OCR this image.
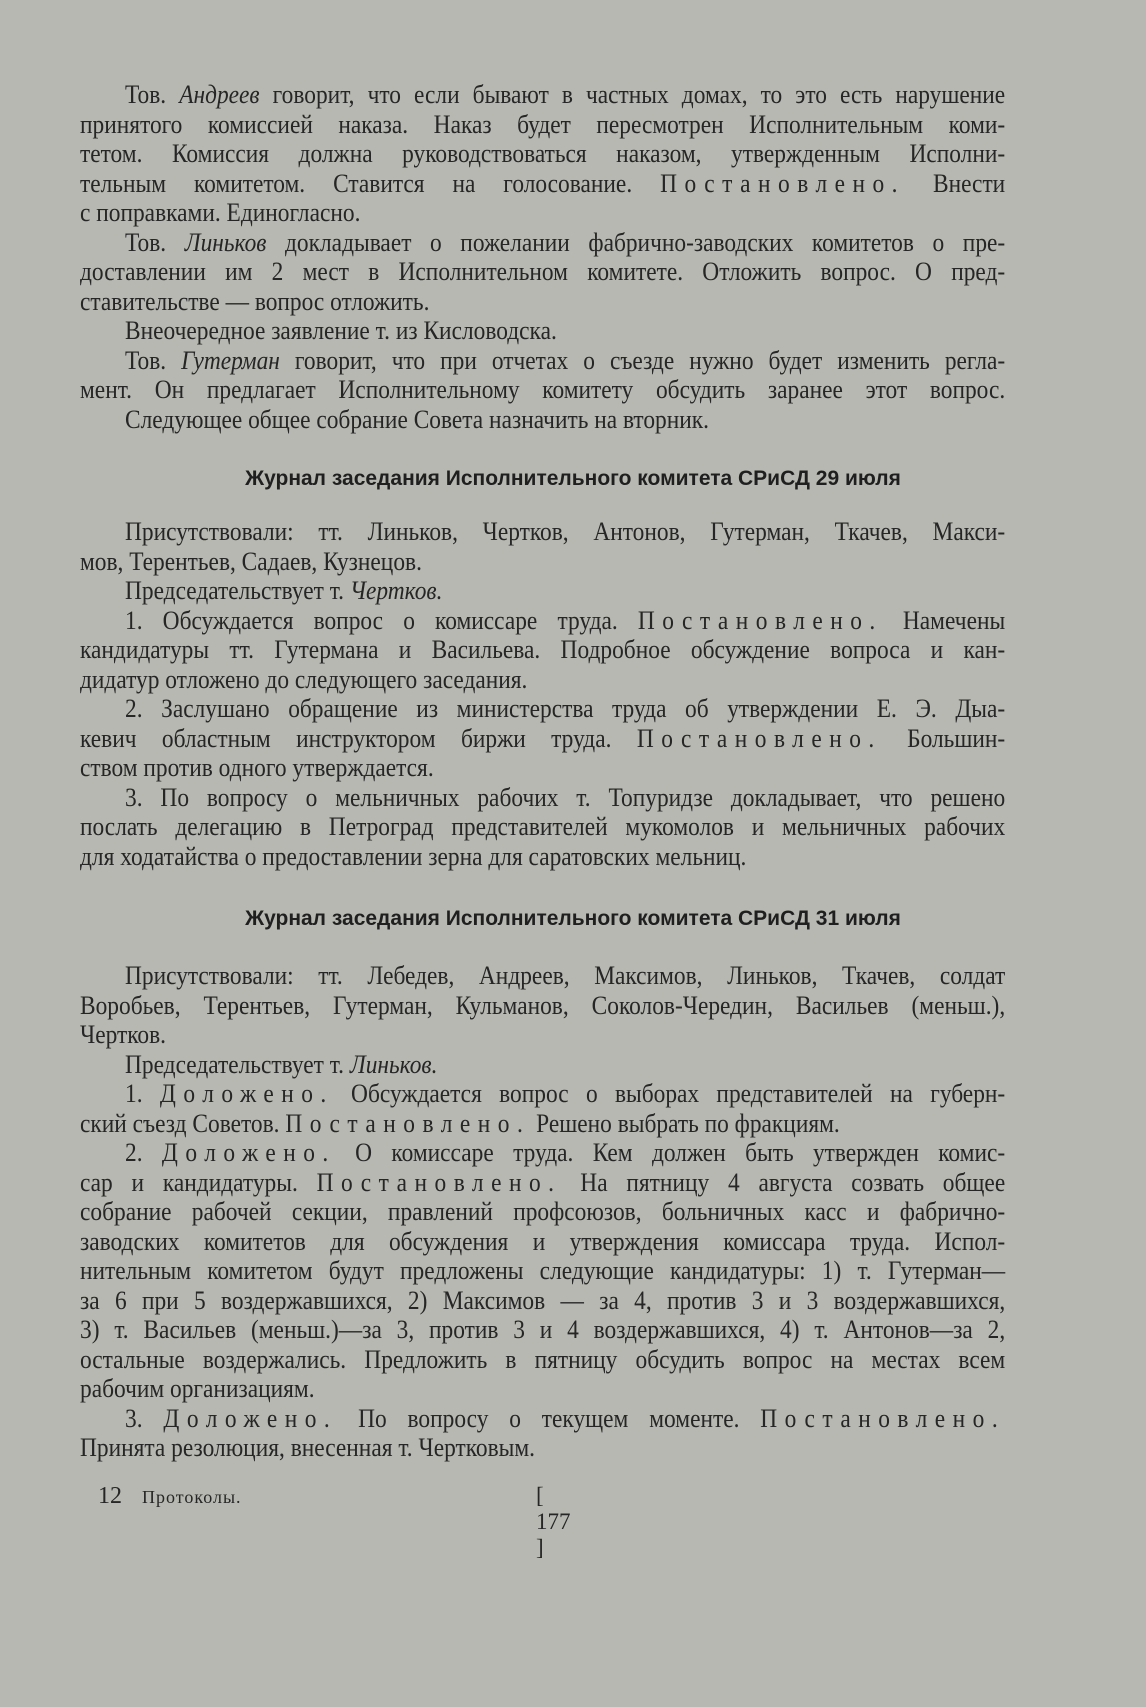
Тов. Андреев говорит, что если бывают в частных домах, то это есть нарушение
принятого комиссией наказа. Наказ будет пересмотрен Исполнительным коми-
тетом. Комиссия должна руководствоваться наказом, утвержденным Исполни-
тельным комитетом. Ставится на голосование. Постановлено. Внести
с поправками. Единогласно.
Тов. Линьков докладывает о пожелании фабрично-заводских комитетов о пре-
доставлении им 2 мест в Исполнительном комитете. Отложить вопрос. О пред-
ставительстве — вопрос отложить.
Внеочередное заявление т. из Кисловодска.
Тов. Гутерман говорит, что при отчетах о съезде нужно будет изменить регла-
мент. Он предлагает Исполнительному комитету обсудить заранее этот вопрос.
Следующее общее собрание Совета назначить на вторник.
Журнал заседания Исполнительного комитета СРиСД 29 июля
Присутствовали: тт. Линьков, Чертков, Антонов, Гутерман, Ткачев, Макси-
мов, Терентьев, Садаев, Кузнецов.
Председательствует т. Чертков.
1. Обсуждается вопрос о комиссаре труда. Постановлено. Намечены
кандидатуры тт. Гутермана и Васильева. Подробное обсуждение вопроса и кан-
дидатур отложено до следующего заседания.
2. Заслушано обращение из министерства труда об утверждении Е. Э. Дыа-
кевич областным инструктором биржи труда. Постановлено. Большин-
ством против одного утверждается.
3. По вопросу о мельничных рабочих т. Топуридзе докладывает, что решено
послать делегацию в Петроград представителей мукомолов и мельничных рабочих
для ходатайства о предоставлении зерна для саратовских мельниц.
Журнал заседания Исполнительного комитета СРиСД 31 июля
Присутствовали: тт. Лебедев, Андреев, Максимов, Линьков, Ткачев, солдат
Воробьев, Терентьев, Гутерман, Кульманов, Соколов-Чередин, Васильев (меньш.),
Чертков.
Председательствует т. Линьков.
1. Доложено. Обсуждается вопрос о выборах представителей на губерн-
ский съезд Советов. Постановлено. Решено выбрать по фракциям.
2. Доложено. О комиссаре труда. Кем должен быть утвержден комис-
сар и кандидатуры. Постановлено. На пятницу 4 августа созвать общее
собрание рабочей секции, правлений профсоюзов, больничных касс и фабрично-
заводских комитетов для обсуждения и утверждения комиссара труда. Испол-
нительным комитетом будут предложены следующие кандидатуры: 1) т. Гутерман—
за 6 при 5 воздержавшихся, 2) Максимов — за 4, против 3 и 3 воздержавшихся,
3) т. Васильев (меньш.)—за 3, против 3 и 4 воздержавшихся, 4) т. Антонов—за 2,
остальные воздержались. Предложить в пятницу обсудить вопрос на местах всем
рабочим организациям.
3. Доложено. По вопросу о текущем моменте. Постановлено.
Принята резолюция, внесенная т. Чертковым.
12 Протоколы.	[ 177 ]
